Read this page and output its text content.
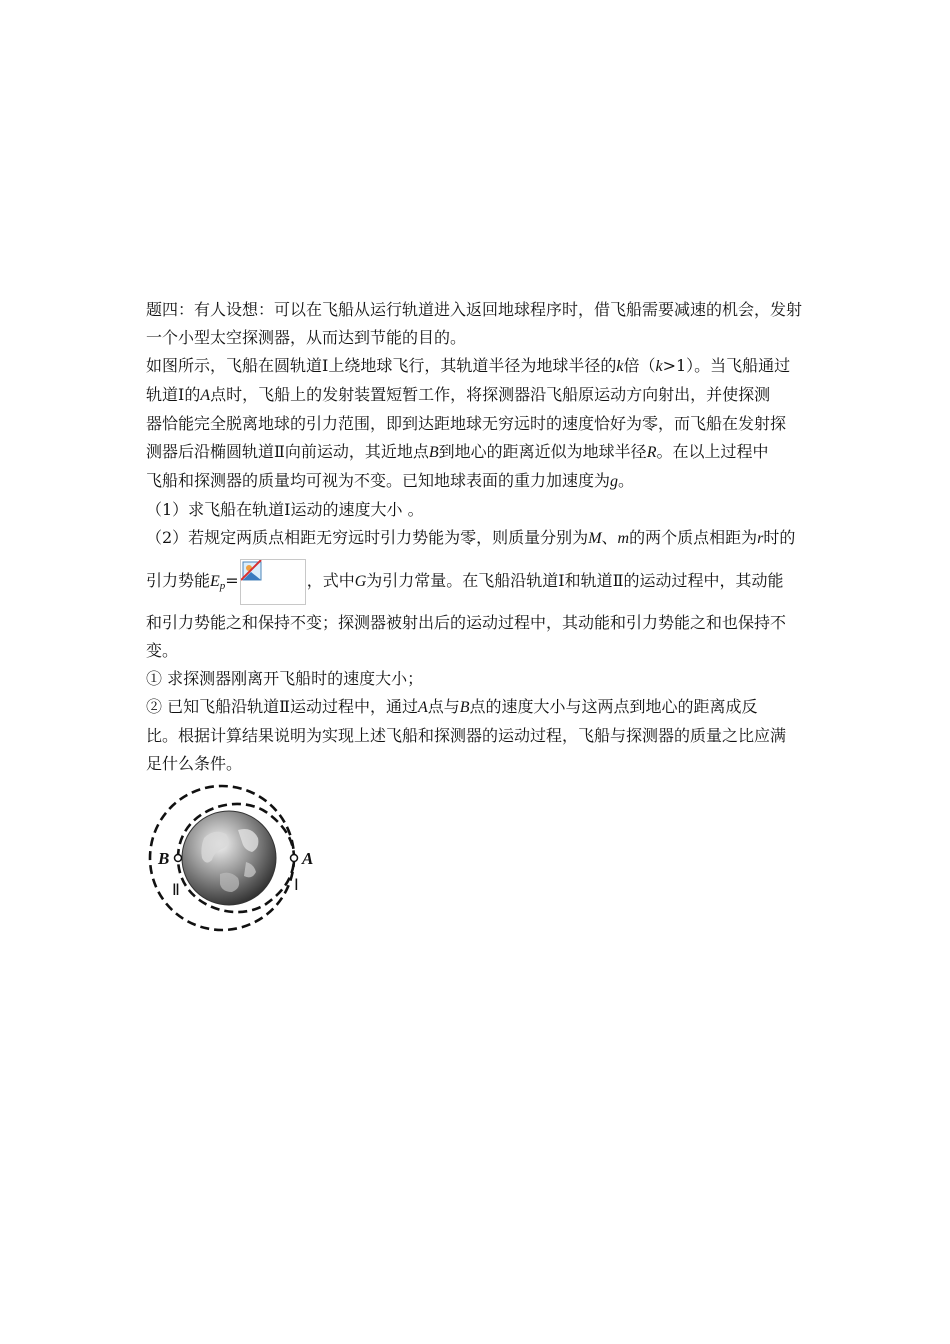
题四：有人设想：可以在飞船从运行轨道进入返回地球程序时，借飞船需要减速的机会，发射
一个小型太空探测器，从而达到节能的目的。
如图所示，飞船在圆轨道Ⅰ上绕地球飞行，其轨道半径为地球半径的k倍（k>1）。当飞船通过
轨道Ⅰ的A点时，飞船上的发射装置短暂工作，将探测器沿飞船原运动方向射出，并使探测
器恰能完全脱离地球的引力范围，即到达距地球无穷远时的速度恰好为零，而飞船在发射探
测器后沿椭圆轨道Ⅱ向前运动，其近地点B到地心的距离近似为地球半径R。在以上过程中
飞船和探测器的质量均可视为不变。已知地球表面的重力加速度为g。
（1）求飞船在轨道Ⅰ运动的速度大小 。
（2）若规定两质点相距无穷远时引力势能为零，则质量分别为M、m的两个质点相距为r时的
引力势能$E_p=$	，式中G为引力常量。在飞船沿轨道Ⅰ和轨道Ⅱ的运动过程中，其动能
和引力势能之和保持不变；探测器被射出后的运动过程中，其动能和引力势能之和也保持不
变。
① 求探测器刚离开飞船时的速度大小；
② 已知飞船沿轨道Ⅱ运动过程中，通过A点与B点的速度大小与这两点到地心的距离成反
比。根据计算结果说明为实现上述飞船和探测器的运动过程，飞船与探测器的质量之比应满
足什么条件。
B	A
Ⅱ	Ⅰ
